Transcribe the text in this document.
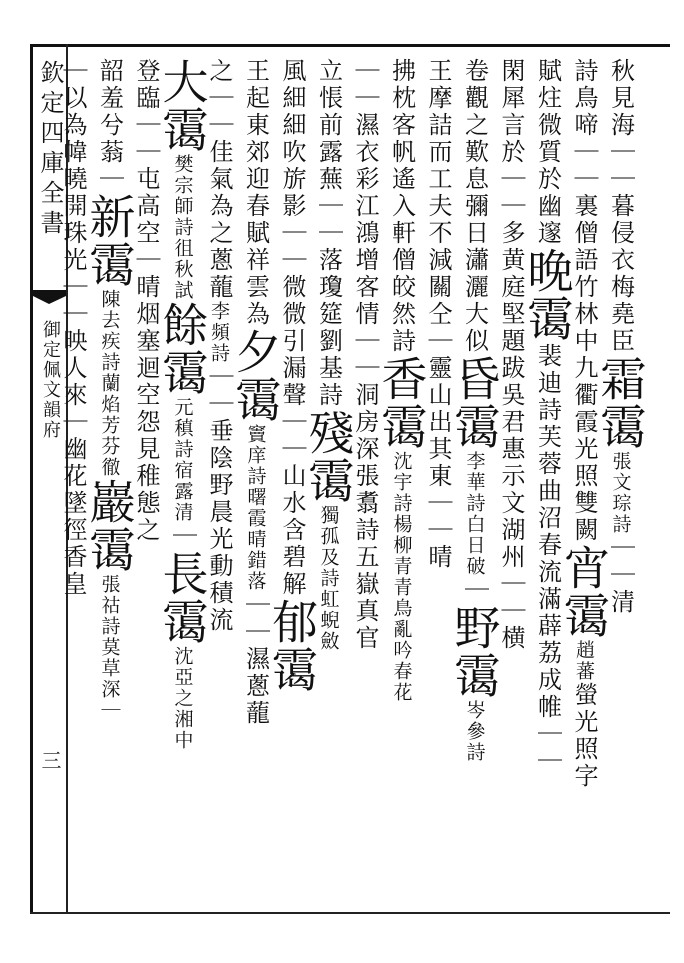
欽定四庫全書
御定佩文韻府
三
秋見海｜｜暮侵衣梅堯臣霜霭張文琮詩｜｜清
詩鳥啼｜｜裏僧語竹林中九衢霞光照雙闕宵霭趙蕃螢光照字
賦炷微質於幽邃晚霭裴迪詩芙蓉曲沼春流滿薜荔成帷｜｜
閑犀言於｜｜多黄庭堅題跋吳君惠示文湖州｜｜横
卷觀之歎息彌日瀟灑大似昏霭李華詩白日破｜野霭岑參詩
王摩詰而工夫不減關仝｜靈山出其東｜｜晴
拂枕客帆遙入軒僧皎然詩香霭沈宇詩楊柳青青鳥亂吟春花
｜｜濕衣彩江鴻增客情｜｜洞房深張翥詩五嶽真官
立悵前露蕪｜｜落瓊筵劉基詩殘霭獨孤及詩虹蜺斂
風細細吹旂影｜｜微微引漏聲｜｜山水含碧解郁霭
王起東郊迎春賦祥雲為夕霭竇庠詩曙霞晴錯落｜｜濕蔥蘢
之｜｜佳氣為之蔥蘢李頻詩｜｜垂陰野晨光動積流
大霭樊宗師詩徂秋試餘霭元稹詩宿露清｜長霭沈亞之湘中
登臨｜｜屯高空｜晴烟塞迴空怨見稚態之
韶羞兮蓊｜新霭陳去疾詩蘭焰芳芬徹巖霭張祜詩莫草深｜
｜以為幃曉開珠光｜｜映人來｜幽花墜徑香皇
